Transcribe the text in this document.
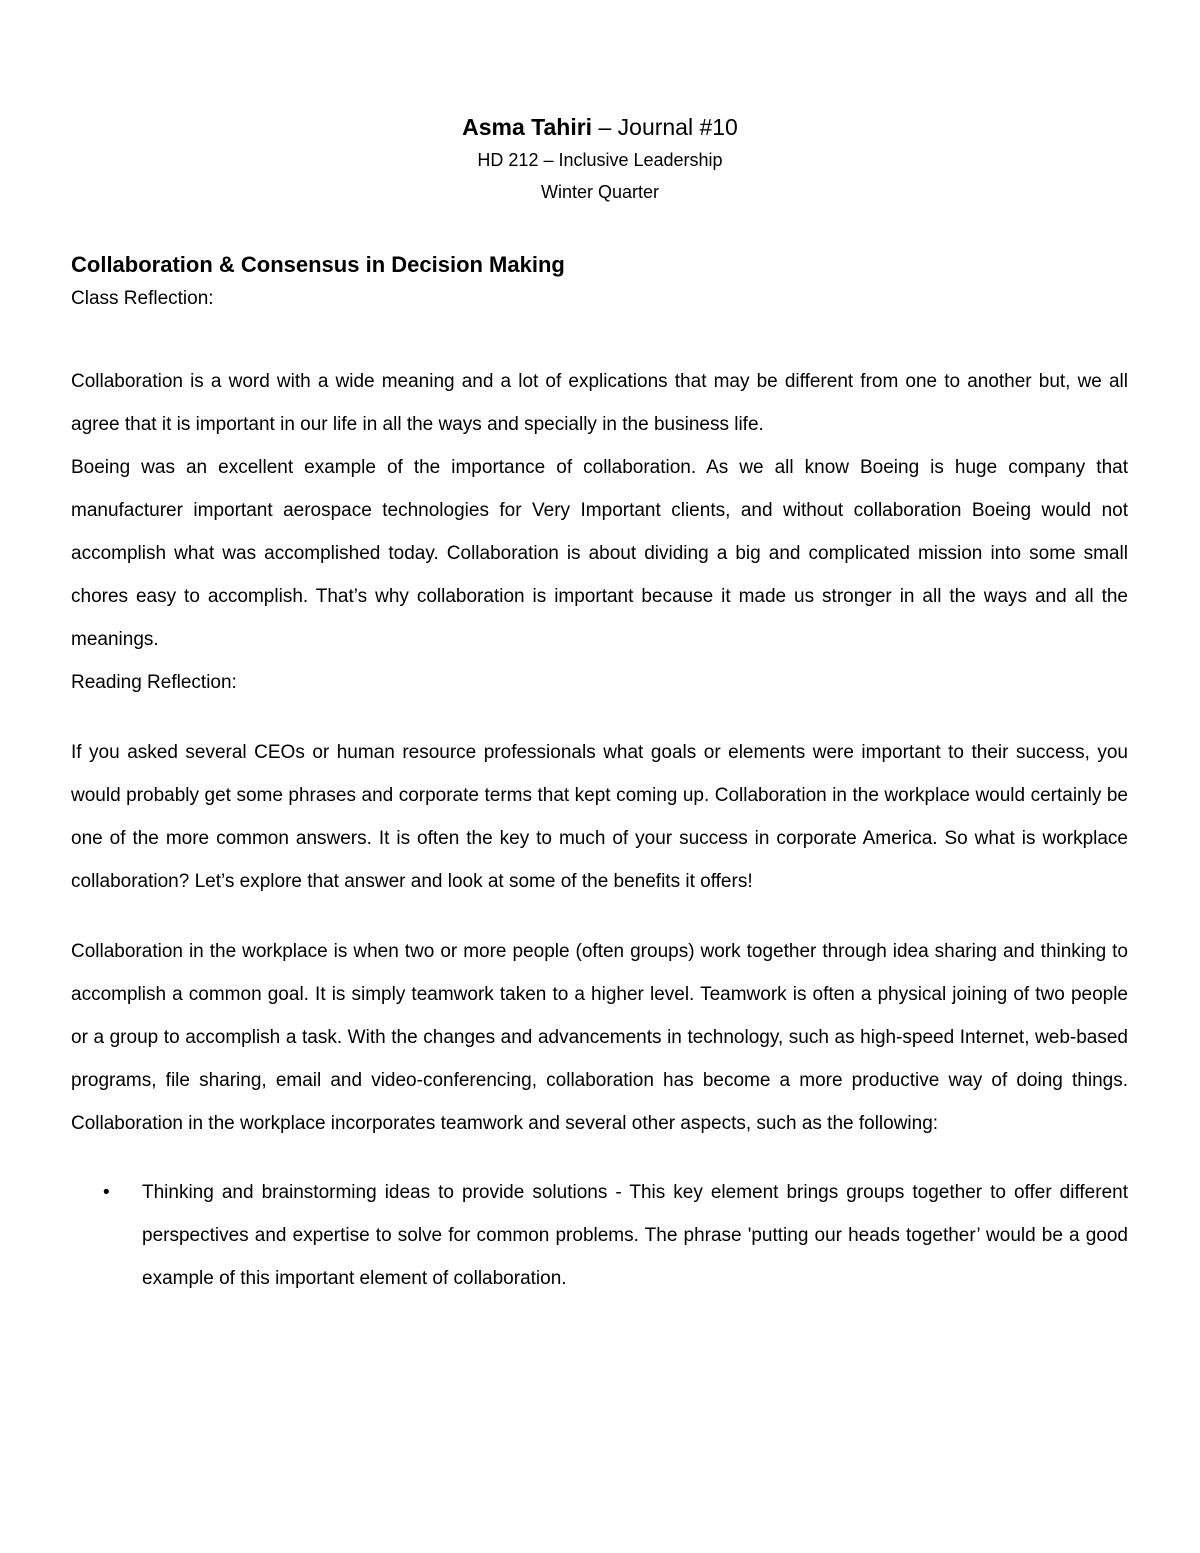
Asma Tahiri – Journal #10
HD 212 – Inclusive Leadership
Winter Quarter

Collaboration & Consensus in Decision Making

Class Reflection:

Collaboration is a word with a wide meaning and a lot of explications that may be different from one to another but, we all agree that it is important in our life in all the ways and specially in the business life.

Boeing was an excellent example of the importance of collaboration. As we all know Boeing is huge company that manufacturer important aerospace technologies for Very Important clients, and without collaboration Boeing would not accomplish what was accomplished today. Collaboration is about dividing a big and complicated mission into some small chores easy to accomplish. That’s why collaboration is important because it made us stronger in all the ways and all the meanings.

Reading Reflection:

If you asked several CEOs or human resource professionals what goals or elements were important to their success, you would probably get some phrases and corporate terms that kept coming up. Collaboration in the workplace would certainly be one of the more common answers. It is often the key to much of your success in corporate America. So what is workplace collaboration? Let’s explore that answer and look at some of the benefits it offers!

Collaboration in the workplace is when two or more people (often groups) work together through idea sharing and thinking to accomplish a common goal. It is simply teamwork taken to a higher level. Teamwork is often a physical joining of two people or a group to accomplish a task. With the changes and advancements in technology, such as high-speed Internet, web-based programs, file sharing, email and video-conferencing, collaboration has become a more productive way of doing things. Collaboration in the workplace incorporates teamwork and several other aspects, such as the following:

• Thinking and brainstorming ideas to provide solutions - This key element brings groups together to offer different perspectives and expertise to solve for common problems. The phrase 'putting our heads together’ would be a good example of this important element of collaboration.
